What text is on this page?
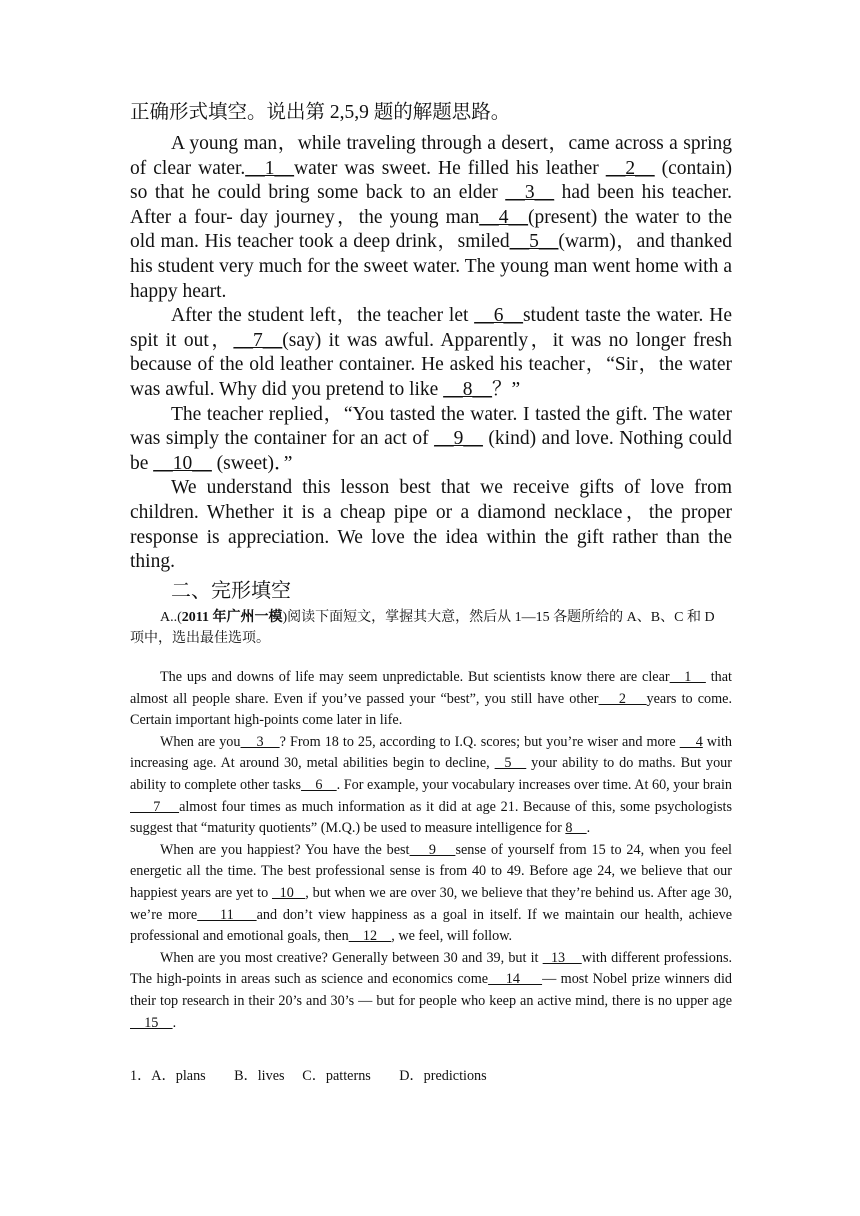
正确形式填空。说出第 2,5,9 题的解题思路。

A young man，while traveling through a desert，came across a spring of clear water.__1__water was sweet. He filled his leather __2__ (contain) so that he could bring some back to an elder __3__ had been his teacher. After a four- day journey，the young man__4__(present) the water to the old man. His teacher took a deep drink，smiled__5__(warm)，and thanked his student very much for the sweet water. The young man went home with a happy heart.

After the student left，the teacher let __6__student taste the water. He spit it out，__7__(say) it was awful. Apparently，it was no longer fresh because of the old leather container. He asked his teacher，“Sir，the water was awful. Why did you pretend to like __8__？”

The teacher replied，“You tasted the water. I tasted the gift. The water was simply the container for an act of __9__ (kind) and love. Nothing could be __10__ (sweet)．”

We understand this lesson best that we receive gifts of love from children. Whether it is a cheap pipe or a diamond necklace，the proper response is appreciation. We love the idea within the gift rather than the thing.

二、完形填空
A..(2011 年广州一模)阅读下面短文，掌握其大意，然后从 1—15 各题所给的 A、B、C 和 D 项中，选出最佳选项。

The ups and downs of life may seem unpredictable. But scientists know there are clear   1    that almost all people share. Even if you’ve passed your “best”, you still have other    2    years to come. Certain important high-points come later in life.

When are you    3    ? From 18 to 25, according to I.Q. scores; but you’re wiser and more     4 with increasing age. At around 30, metal abilities begin to decline,   5    your ability to do maths. But your ability to complete other tasks    6    . For example, your vocabulary increases over time. At 60, your brain     7    almost four times as much information as it did at age 21. Because of this, some psychologists suggest that “maturity quotients” (M.Q.) be used to measure intelligence for 8    .

When are you happiest? You have the best    9    sense of yourself from 15 to 24, when you feel energetic all the time. The best professional sense is from 40 to 49. Before age 24, we believe that our happiest years are yet to   10   , but when we are over 30, we believe that they’re behind us. After age 30, we’re more    11    and don’t view happiness as a goal in itself. If we maintain our health, achieve professional and emotional goals, then    12    , we feel, will follow.

When are you most creative? Generally between 30 and 39, but it   13    with different professions. The high-points in areas such as science and economics come    14     — most Nobel prize winners did their top research in their 20’s and 30’s — but for people who keep an active mind, there is no upper age    15    .

1．A．plans B．lives C．patterns D．predictions
